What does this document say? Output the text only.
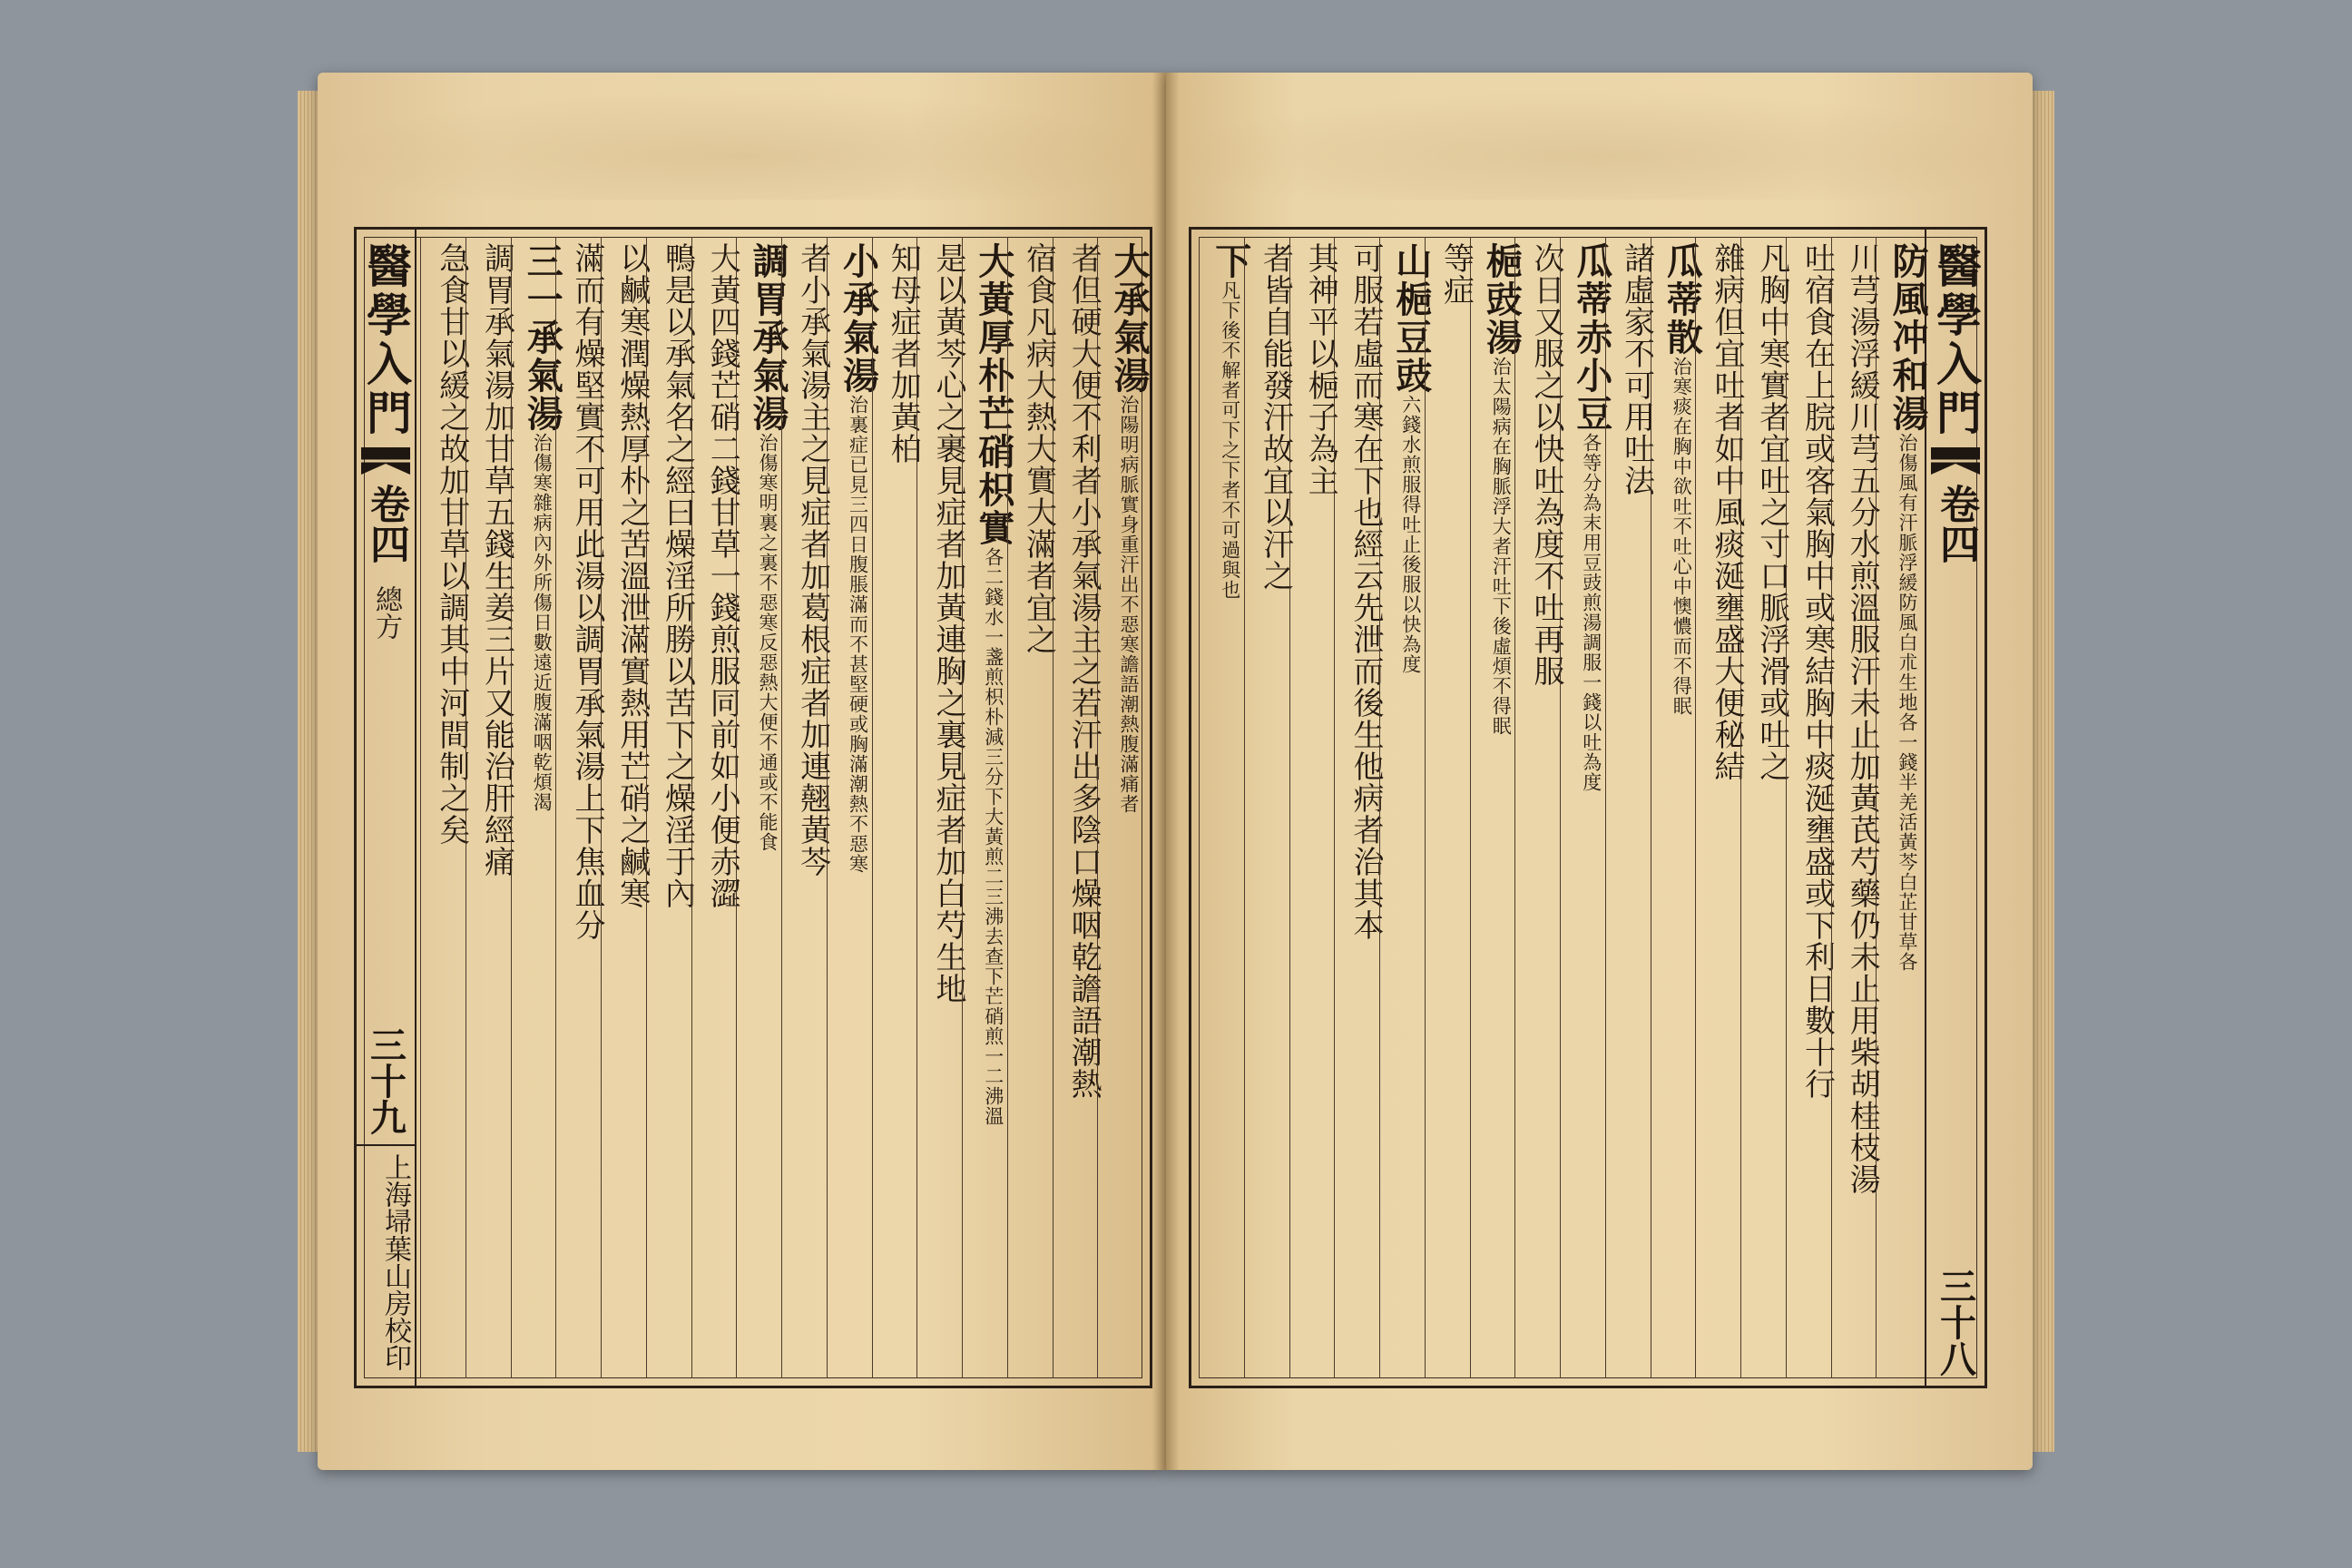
醫學入門
卷四
總方
三十九
上海埽葉山房校印
大承氣湯治陽明病脈實身重汗出不惡寒譫語潮熱腹滿痛者
者但硬大便不利者小承氣湯主之若汗出多陰口燥咽乾譫語潮熱
宿食凡病大熱大實大滿者宜之
大黃厚朴芒硝枳實各二錢水一盞煎枳朴減三分下大黃煎二三沸去查下芒硝煎一二沸溫
是以黃芩心之裹見症者加黃連胸之裏見症者加白芍生地
知母症者加黃柏
小承氣湯治裏症已見三四日腹脹滿而不甚堅硬或胸滿潮熱不惡寒
者小承氣湯主之見症者加葛根症者加連翹黃芩
調胃承氣湯治傷寒明裏之裏不惡寒反惡熱大便不通或不能食
大黃四錢芒硝二錢甘草一錢煎服同前如小便赤澀
鴨是以承氣名之經曰燥淫所勝以苦下之燥淫于內
以鹹寒潤燥熱厚朴之苦溫泄滿實熱用芒硝之鹹寒
滿而有燥堅實不可用此湯以調胃承氣湯上下焦血分
三一承氣湯治傷寒雜病內外所傷日數遠近腹滿咽乾煩渴
調胃承氣湯加甘草五錢生姜三片又能治肝經痛
急食甘以緩之故加甘草以調其中河間制之矣	醫學入門
卷四
三十八
防風冲和湯治傷風有汗脈浮緩防風白朮生地各一錢半羌活黃芩白芷甘草各
川芎湯浮緩川芎五分水煎溫服汗未止加黃芪芍藥仍未止用柴胡桂枝湯
吐宿食在上脘或客氣胸中或寒結胸中痰涎壅盛或下利日數十行
凡胸中寒實者宜吐之寸口脈浮滑或吐之
雜病但宜吐者如中風痰涎壅盛大便秘結
瓜蒂散治寒痰在胸中欲吐不吐心中懊憹而不得眠
諸虛家不可用吐法
瓜蒂赤小豆各等分為末用豆豉煎湯調服一錢以吐為度
次日又服之以快吐為度不吐再服
梔豉湯治太陽病在胸脈浮大者汗吐下後虛煩不得眠
等症
山梔豆豉六錢水煎服得吐止後服以快為度
可服若虛而寒在下也經云先泄而後生他病者治其本
其神平以梔子為主
者皆自能發汗故宜以汗之
下凡下後不解者可下之下者不可過與也
